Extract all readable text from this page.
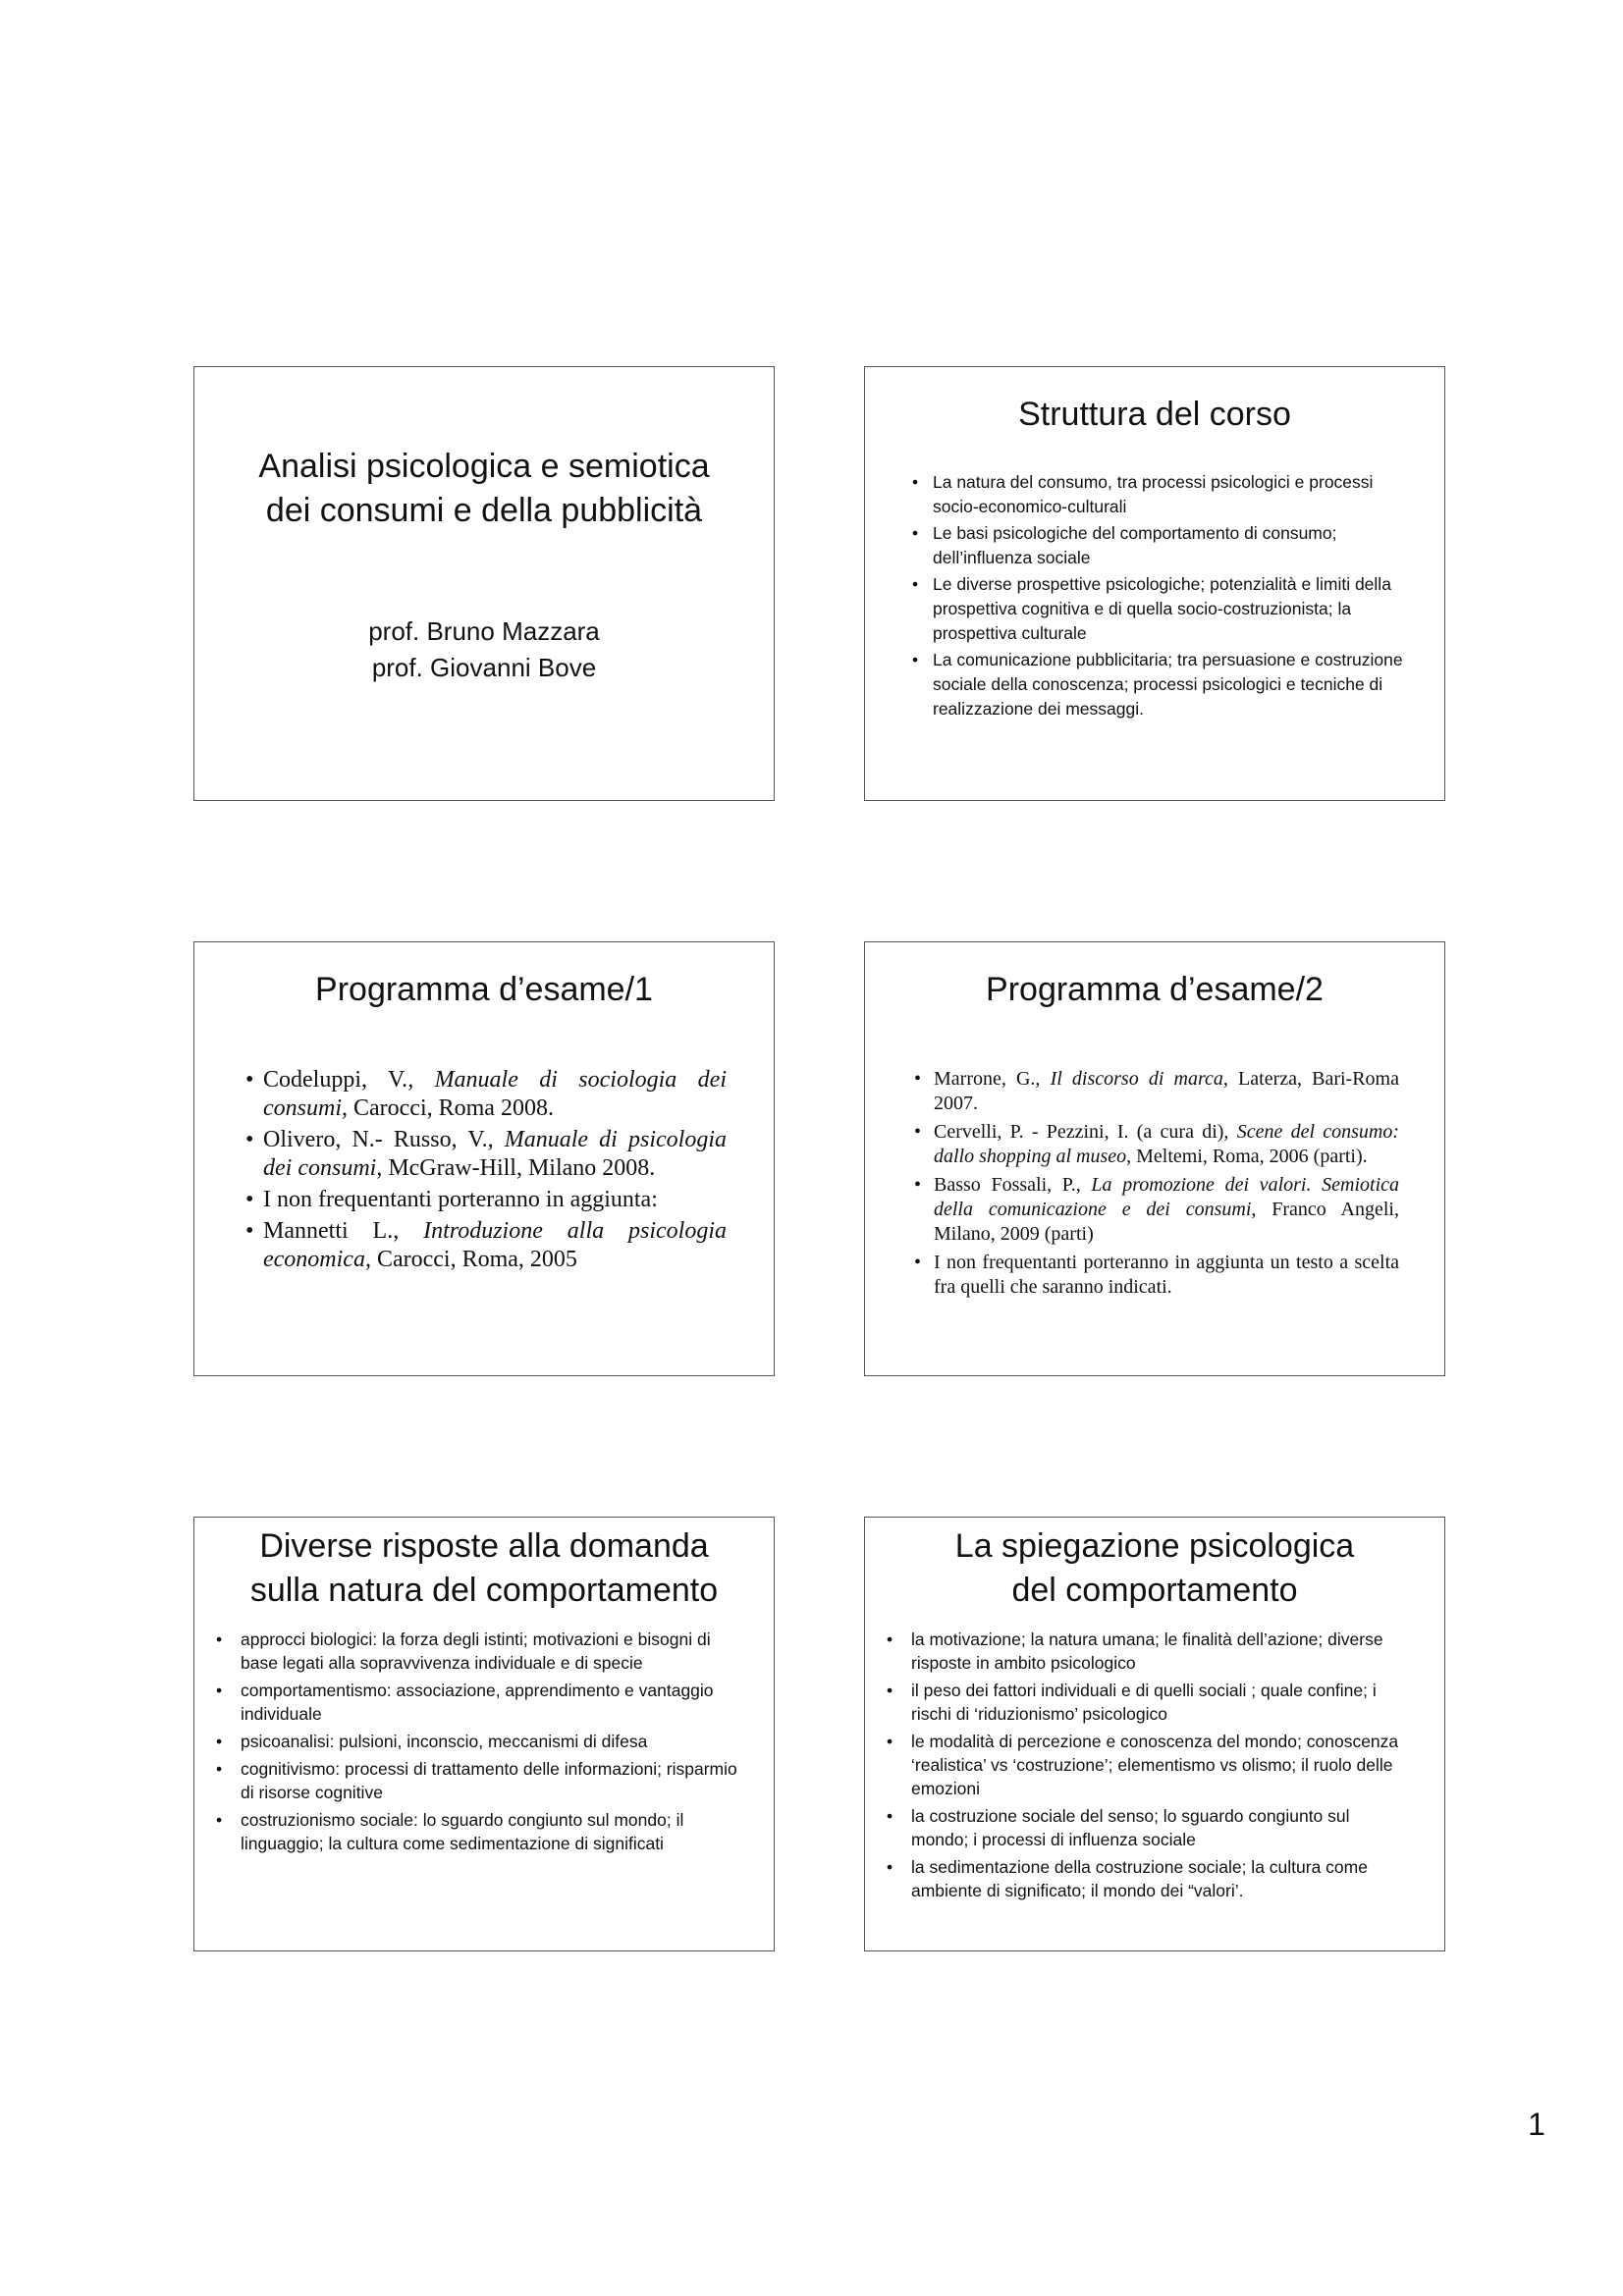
Analisi psicologica e semiotica
dei consumi e della pubblicità
prof. Bruno Mazzara
prof. Giovanni Bove
Struttura del corso
• La natura del consumo, tra processi psicologici e processi socio-economico-culturali
• Le basi psicologiche del comportamento di consumo; dell’influenza sociale
• Le diverse prospettive psicologiche; potenzialità e limiti della prospettiva cognitiva e di quella socio-costruzionista; la prospettiva culturale
• La comunicazione pubblicitaria; tra persuasione e costruzione sociale della conoscenza; processi psicologici e tecniche di realizzazione dei messaggi.
Programma d’esame/1
• Codeluppi, V., Manuale di sociologia dei consumi, Carocci, Roma 2008.
• Olivero, N.- Russo, V., Manuale di psicologia dei consumi, McGraw-Hill, Milano 2008.
• I non frequentanti porteranno in aggiunta:
• Mannetti L., Introduzione alla psicologia economica, Carocci, Roma, 2005
Programma d’esame/2
• Marrone, G., Il discorso di marca, Laterza, Bari-Roma 2007.
• Cervelli, P. - Pezzini, I. (a cura di), Scene del consumo: dallo shopping al museo, Meltemi, Roma, 2006 (parti).
• Basso Fossali, P., La promozione dei valori. Semiotica della comunicazione e dei consumi, Franco Angeli, Milano, 2009 (parti)
• I non frequentanti porteranno in aggiunta un testo a scelta fra quelli che saranno indicati.
Diverse risposte alla domanda
sulla natura del comportamento
• approcci biologici: la forza degli istinti; motivazioni e bisogni di base legati alla sopravvivenza individuale e di specie
• comportamentismo: associazione, apprendimento e vantaggio individuale
• psicoanalisi: pulsioni, inconscio, meccanismi di difesa
• cognitivismo: processi di trattamento delle informazioni; risparmio di risorse cognitive
• costruzionismo sociale: lo sguardo congiunto sul mondo; il linguaggio; la cultura come sedimentazione di significati
La spiegazione psicologica
del comportamento
• la motivazione; la natura umana; le finalità dell’azione; diverse risposte in ambito psicologico
• il peso dei fattori individuali e di quelli sociali ; quale confine; i rischi di ‘riduzionismo’ psicologico
• le modalità di percezione e conoscenza del mondo; conoscenza ‘realistica’ vs ‘costruzione’; elementismo vs olismo; il ruolo delle emozioni
• la costruzione sociale del senso; lo sguardo congiunto sul mondo; i processi di influenza sociale
• la sedimentazione della costruzione sociale; la cultura come ambiente di significato; il mondo dei “valori’.
1
